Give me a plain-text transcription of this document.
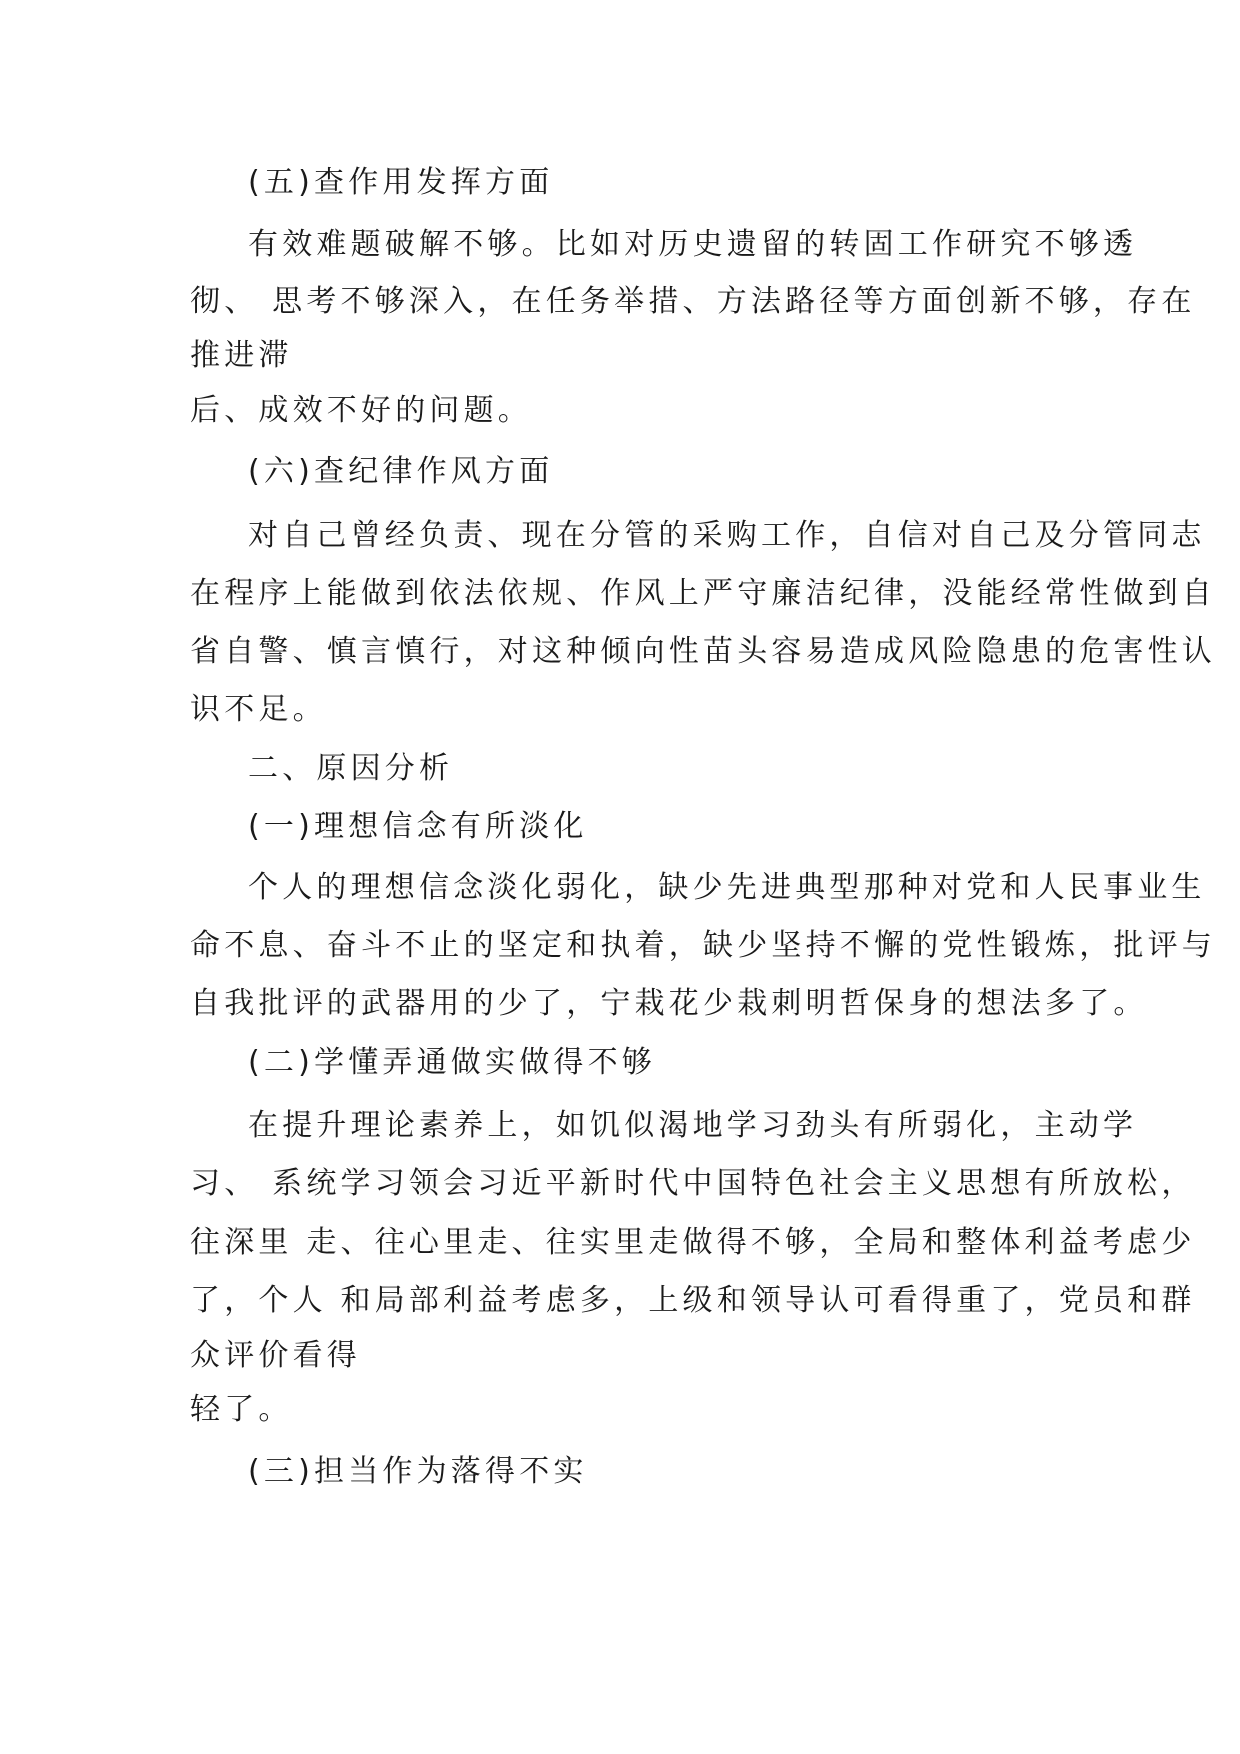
(五)查作用发挥方面

有效难题破解不够。比如对历史遗留的转固工作研究不够透

彻、 思考不够深入，在任务举措、方法路径等方面创新不够，存在

推进滞

后、成效不好的问题。

(六)查纪律作风方面

对自己曾经负责、现在分管的采购工作，自信对自己及分管同志

在程序上能做到依法依规、作风上严守廉洁纪律，没能经常性做到自

省自警、慎言慎行，对这种倾向性苗头容易造成风险隐患的危害性认

识不足。

二、原因分析

(一)理想信念有所淡化

个人的理想信念淡化弱化，缺少先进典型那种对党和人民事业生

命不息、奋斗不止的坚定和执着，缺少坚持不懈的党性锻炼，批评与

自我批评的武器用的少了，宁栽花少栽刺明哲保身的想法多了。

(二)学懂弄通做实做得不够

在提升理论素养上，如饥似渴地学习劲头有所弱化，主动学

习、 系统学习领会习近平新时代中国特色社会主义思想有所放松，

往深里 走、往心里走、往实里走做得不够，全局和整体利益考虑少

了，个人 和局部利益考虑多，上级和领导认可看得重了，党员和群

众评价看得

轻了。

(三)担当作为落得不实
